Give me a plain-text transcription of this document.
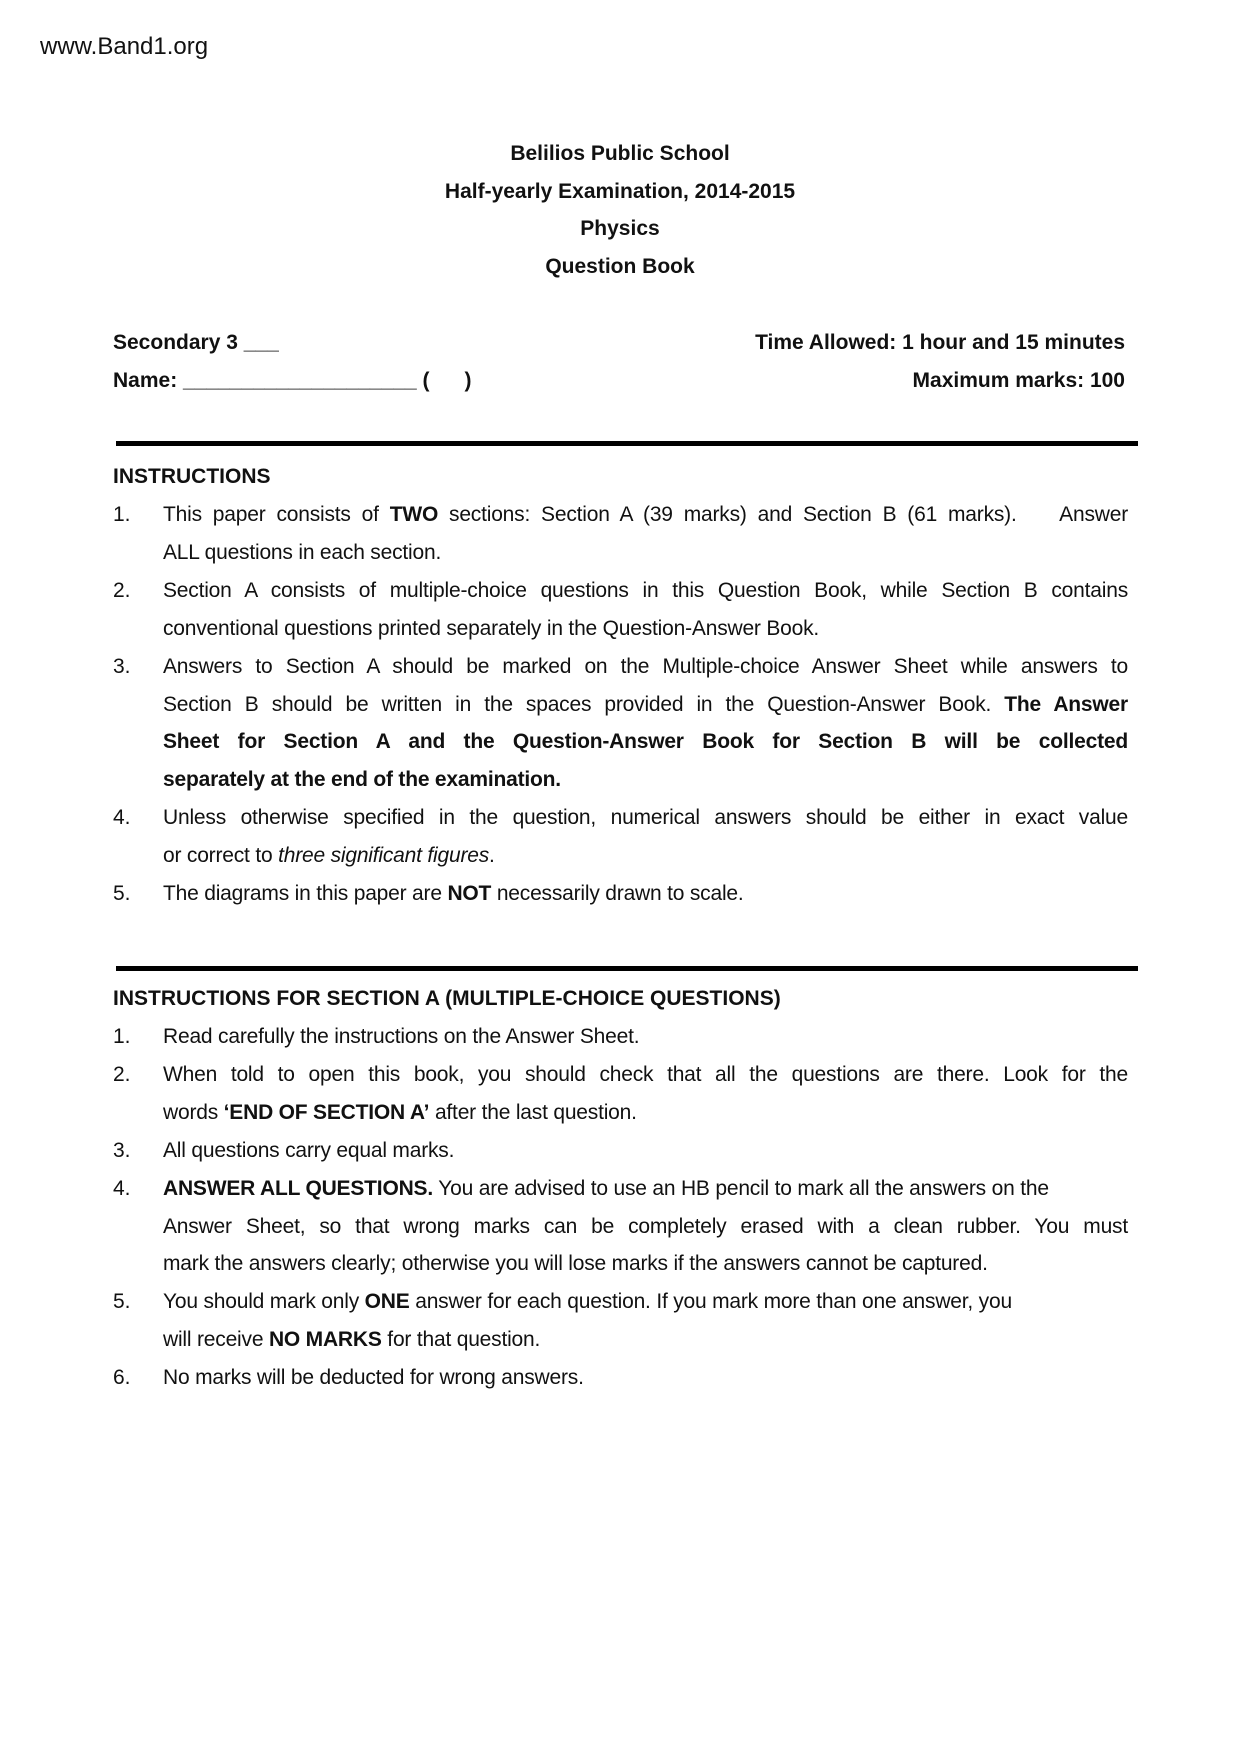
www.Band1.org
Belilios Public School
Half-yearly Examination, 2014-2015
Physics
Question Book
Secondary 3 ___
Name: ____________________ (      )
Time Allowed: 1 hour and 15 minutes
Maximum marks: 100
INSTRUCTIONS
1. This paper consists of TWO sections: Section A (39 marks) and Section B (61 marks).    Answer
ALL questions in each section.
2. Section A consists of multiple-choice questions in this Question Book, while Section B contains
conventional questions printed separately in the Question-Answer Book.
3. Answers to Section A should be marked on the Multiple-choice Answer Sheet while answers to
Section B should be written in the spaces provided in the Question-Answer Book. The Answer
Sheet for Section A and the Question-Answer Book for Section B will be collected
separately at the end of the examination.
4. Unless otherwise specified in the question, numerical answers should be either in exact value
or correct to three significant figures.
5. The diagrams in this paper are NOT necessarily drawn to scale.
INSTRUCTIONS FOR SECTION A (MULTIPLE-CHOICE QUESTIONS)
1. Read carefully the instructions on the Answer Sheet.
2. When told to open this book, you should check that all the questions are there. Look for the
words ‘END OF SECTION A’ after the last question.
3. All questions carry equal marks.
4. ANSWER ALL QUESTIONS. You are advised to use an HB pencil to mark all the answers on the
Answer Sheet, so that wrong marks can be completely erased with a clean rubber. You must
mark the answers clearly; otherwise you will lose marks if the answers cannot be captured.
5. You should mark only ONE answer for each question. If you mark more than one answer, you
will receive NO MARKS for that question.
6. No marks will be deducted for wrong answers.
